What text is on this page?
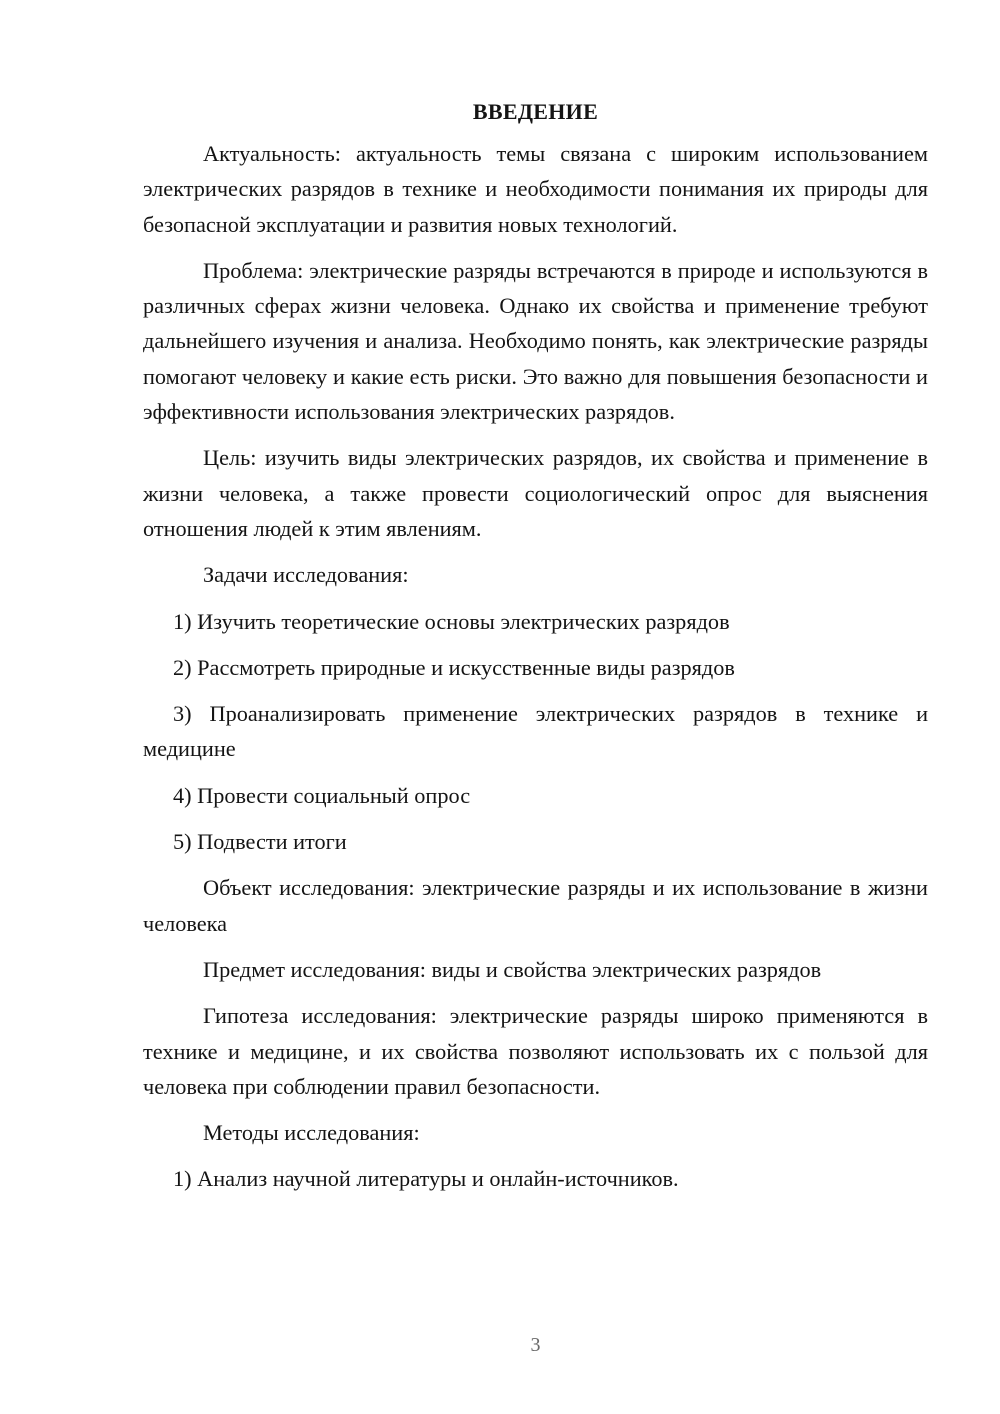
ВВЕДЕНИЕ

Актуальность: актуальность темы связана с широким использованием электрических разрядов в технике и необходимости понимания их природы для безопасной эксплуатации и развития новых технологий.

Проблема: электрические разряды встречаются в природе и используются в различных сферах жизни человека. Однако их свойства и применение требуют дальнейшего изучения и анализа. Необходимо понять, как электрические разряды помогают человеку и какие есть риски. Это важно для повышения безопасности и эффективности использования электрических разрядов.

Цель: изучить виды электрических разрядов, их свойства и применение в жизни человека, а также провести социологический опрос для выяснения отношения людей к этим явлениям.

Задачи исследования:

1) Изучить теоретические основы электрических разрядов

2) Рассмотреть природные и искусственные виды разрядов

3) Проанализировать применение электрических разрядов в технике и медицине

4) Провести социальный опрос

5) Подвести итоги

Объект исследования: электрические разряды и их использование в жизни человека

Предмет исследования: виды и свойства электрических разрядов

Гипотеза исследования: электрические разряды широко применяются в технике и медицине, и их свойства позволяют использовать их с пользой для человека при соблюдении правил безопасности.

Методы исследования:

1) Анализ научной литературы и онлайн-источников.

3
